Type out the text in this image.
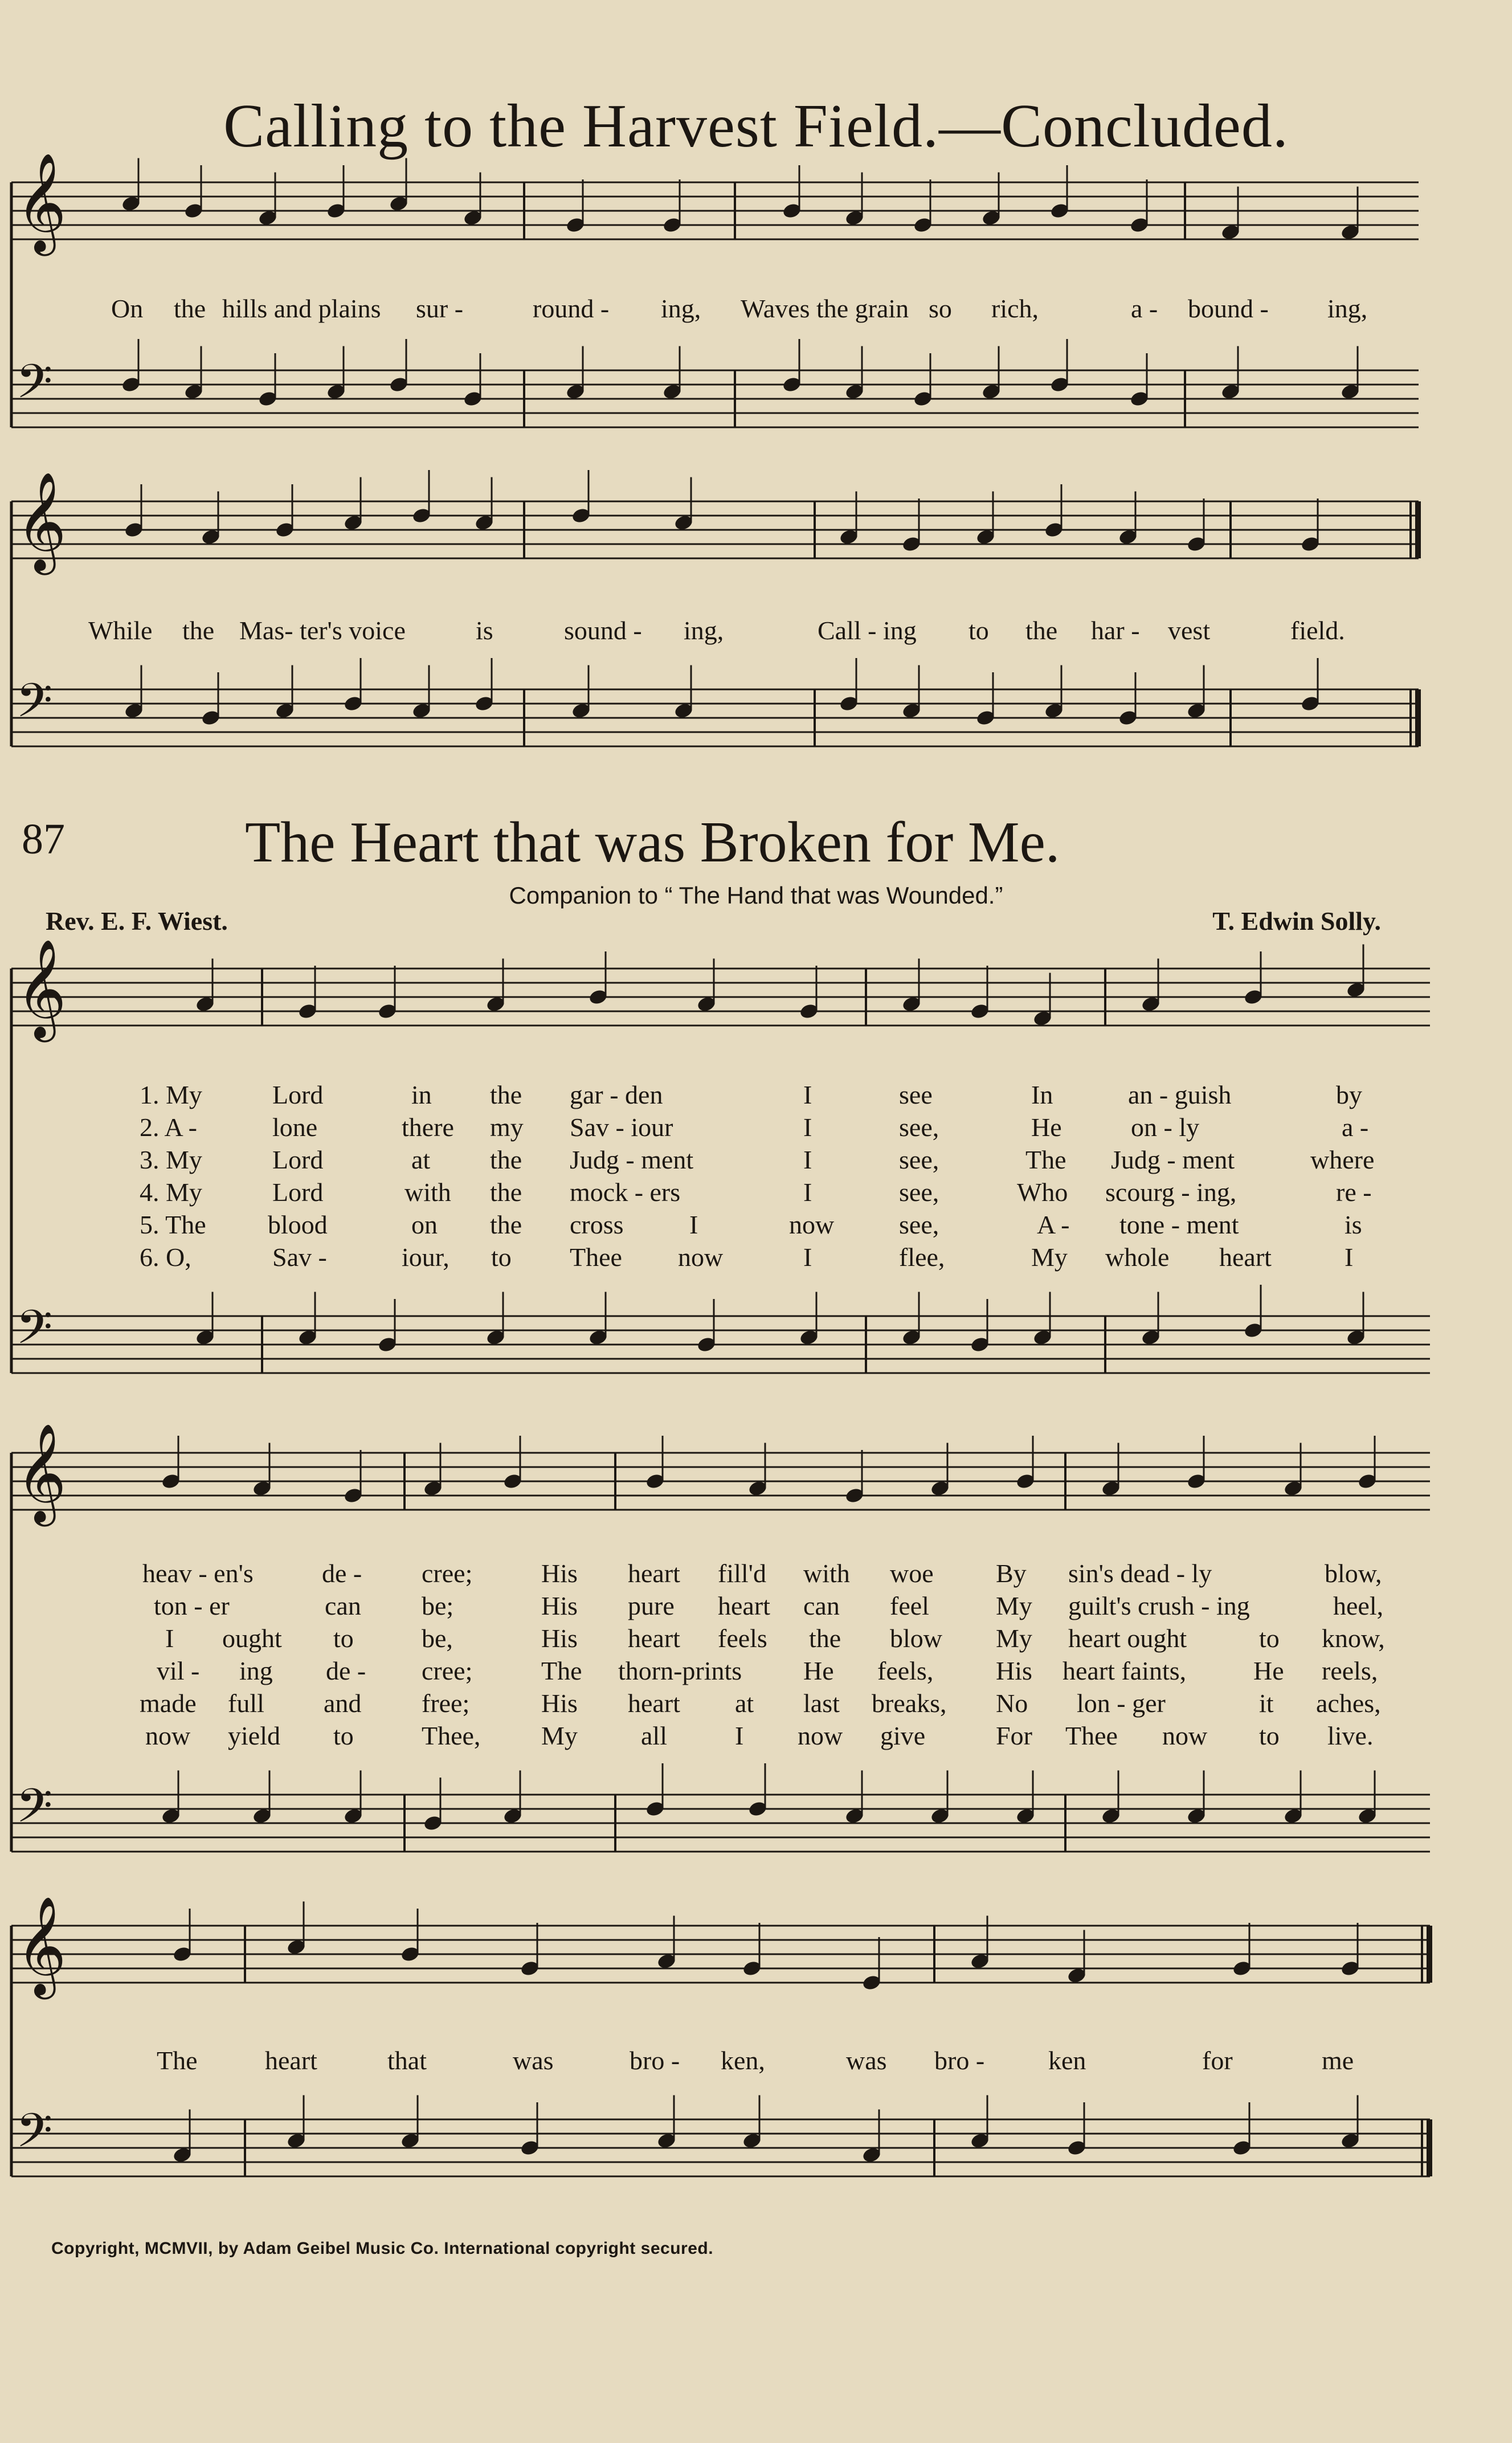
Calling to the Harvest Field.—Concluded.
𝄞
𝄢
𝄞
𝄢
𝄞
𝄢
𝄞
𝄢
𝄞
𝄢
On the hills and plains sur -	round - ing, Waves the grain so rich,	a - bound - ing,
While the Mas- ter's voice	is	sound - ing,	Call - ing to the har - vest	field.
87	The Heart that was Broken for Me.
Companion to “ The Hand that was Wounded.”
Rev. E. F. Wiest.	T. Edwin Solly.
1. My	Lord	in the gar - den	I	see	In	an - guish	by
2. A -	lone	there my Sav - iour	I	see,	He	on - ly	a -
3. My	Lord	at the Judg - ment	I	see,	The Judg - ment	where
4. My	Lord	with the mock - ers	I	see,	Who scourg - ing,	re -
5. The blood	on the cross	I	now see,	A - tone - ment	is
6. O,	Sav -	iour, to Thee now	I	flee,	My whole heart	I
heav - en's	de - cree;	His heart fill'd with woe By sin's dead - ly	blow,
ton - er	can be;	His pure heart can feel	My guilt's crush - ing	heel,
I ought to	be,	His heart feels the blow My heart ought	to know,
vil - ing de - cree;	The thorn-prints He feels, His heart faints,	He reels,
made full and free;	His heart at last breaks, No lon - ger	it aches,
now yield to	Thee, My all	I now give	For Thee now to live.
The	heart	that	was	bro - ken,	was bro - ken	for	me
Copyright, MCMVII, by Adam Geibel Music Co. International copyright secured.
